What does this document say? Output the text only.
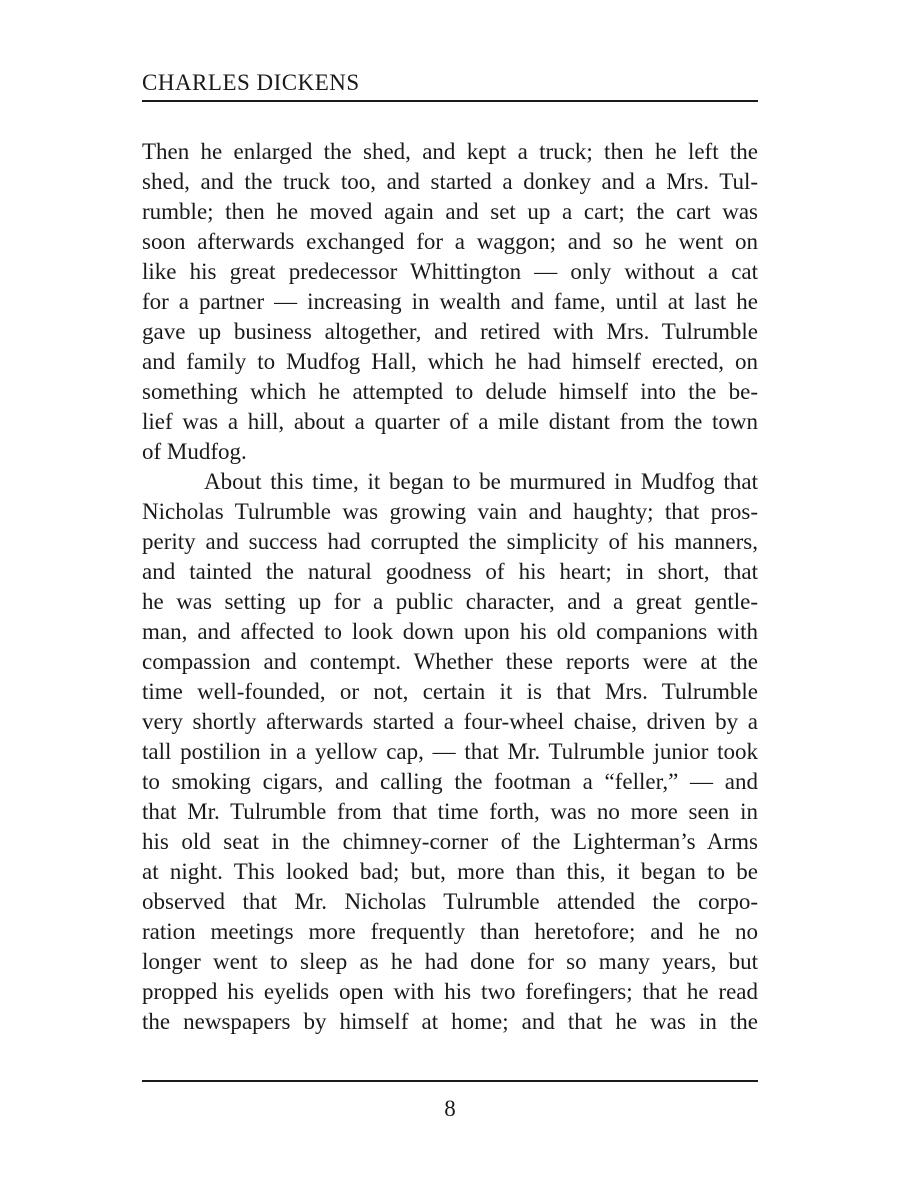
CHARLES DICKENS
Then he enlarged the shed, and kept a truck; then he left the
shed, and the truck too, and started a donkey and a Mrs. Tul-
rumble; then he moved again and set up a cart; the cart was
soon afterwards exchanged for a waggon; and so he went on
like his great predecessor Whittington — only without a cat
for a partner — increasing in wealth and fame, until at last he
gave up business altogether, and retired with Mrs. Tulrumble
and family to Mudfog Hall, which he had himself erected, on
something which he attempted to delude himself into the be-
lief was a hill, about a quarter of a mile distant from the town
of Mudfog.
About this time, it began to be murmured in Mudfog that
Nicholas Tulrumble was growing vain and haughty; that pros-
perity and success had corrupted the simplicity of his manners,
and tainted the natural goodness of his heart; in short, that
he was setting up for a public character, and a great gentle-
man, and affected to look down upon his old companions with
compassion and contempt. Whether these reports were at the
time well-founded, or not, certain it is that Mrs. Tulrumble
very shortly afterwards started a four-wheel chaise, driven by a
tall postilion in a yellow cap, — that Mr. Tulrumble junior took
to smoking cigars, and calling the footman a “feller,” — and
that Mr. Tulrumble from that time forth, was no more seen in
his old seat in the chimney-corner of the Lighterman’s Arms
at night. This looked bad; but, more than this, it began to be
observed that Mr. Nicholas Tulrumble attended the corpo-
ration meetings more frequently than heretofore; and he no
longer went to sleep as he had done for so many years, but
propped his eyelids open with his two forefingers; that he read
the newspapers by himself at home; and that he was in the
8
